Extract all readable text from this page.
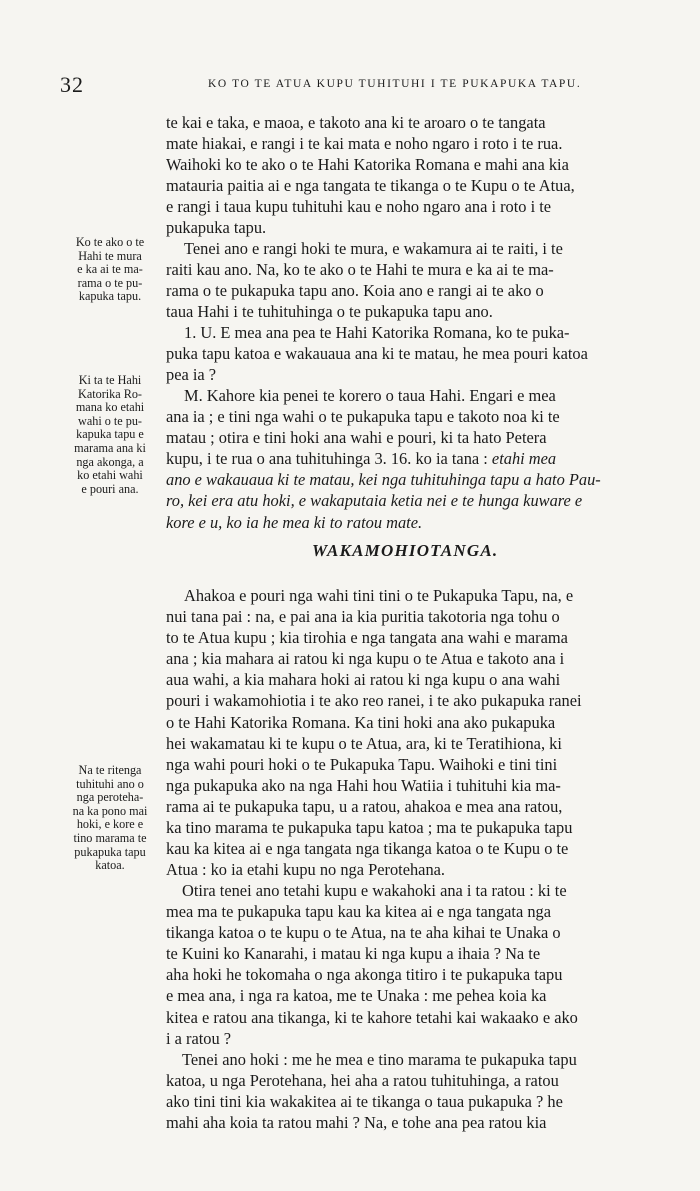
32	KO TO TE ATUA KUPU TUHITUHI I TE PUKAPUKA TAPU.
te kai e taka, e maoa, e takoto ana ki te aroaro o te tangata
mate hiakai, e rangi i te kai mata e noho ngaro i roto i te rua.
Waihoki ko te ako o te Hahi Katorika Romana e mahi ana kia
matauria paitia ai e nga tangata te tikanga o te Kupu o te Atua,
e rangi i taua kupu tuhituhi kau e noho ngaro ana i roto i te
pukapuka tapu.
Tenei ano e rangi hoki te mura, e wakamura ai te raiti, i te
raiti kau ano. Na, ko te ako o te Hahi te mura e ka ai te ma-
rama o te pukapuka tapu ano. Koia ano e rangi ai te ako o
taua Hahi i te tuhituhinga o te pukapuka tapu ano.
1. U. E mea ana pea te Hahi Katorika Romana, ko te puka-
puka tapu katoa e wakauaua ana ki te matau, he mea pouri katoa
pea ia ?
M. Kahore kia penei te korero o taua Hahi. Engari e mea
ana ia ; e tini nga wahi o te pukapuka tapu e takoto noa ki te
matau ; otira e tini hoki ana wahi e pouri, ki ta hato Petera
kupu, i te rua o ana tuhituhinga 3. 16. ko ia tana : etahi mea
ano e wakauaua ki te matau, kei nga tuhituhinga tapu a hato Pau-
ro, kei era atu hoki, e wakaputaia ketia nei e te hunga kuware e
kore e u, ko ia he mea ki to ratou mate.
WAKAMOHIOTANGA.
Ahakoa e pouri nga wahi tini tini o te Pukapuka Tapu, na, e
nui tana pai : na, e pai ana ia kia puritia takotoria nga tohu o
to te Atua kupu ; kia tirohia e nga tangata ana wahi e marama
ana ; kia mahara ai ratou ki nga kupu o te Atua e takoto ana i
aua wahi, a kia mahara hoki ai ratou ki nga kupu o ana wahi
pouri i wakamohiotia i te ako reo ranei, i te ako pukapuka ranei
o te Hahi Katorika Romana. Ka tini hoki ana ako pukapuka
hei wakamatau ki te kupu o te Atua, ara, ki te Teratihiona, ki
nga wahi pouri hoki o te Pukapuka Tapu. Waihoki e tini tini
nga pukapuka ako na nga Hahi hou Watiia i tuhituhi kia ma-
rama ai te pukapuka tapu, u a ratou, ahakoa e mea ana ratou,
ka tino marama te pukapuka tapu katoa ; ma te pukapuka tapu
kau ka kitea ai e nga tangata nga tikanga katoa o te Kupu o te
Atua : ko ia etahi kupu no nga Perotehana.
Otira tenei ano tetahi kupu e wakahoki ana i ta ratou : ki te
mea ma te pukapuka tapu kau ka kitea ai e nga tangata nga
tikanga katoa o te kupu o te Atua, na te aha kihai te Unaka o
te Kuini ko Kanarahi, i matau ki nga kupu a ihaia ? Na te
aha hoki he tokomaha o nga akonga titiro i te pukapuka tapu
e mea ana, i nga ra katoa, me te Unaka : me pehea koia ka
kitea e ratou ana tikanga, ki te kahore tetahi kai wakaako e ako
i a ratou ?
Tenei ano hoki : me he mea e tino marama te pukapuka tapu
katoa, u nga Perotehana, hei aha a ratou tuhituhinga, a ratou
ako tini tini kia wakakitea ai te tikanga o taua pukapuka ? he
mahi aha koia ta ratou mahi ? Na, e tohe ana pea ratou kia
Ko te ako o te
Hahi te mura
e ka ai te ma-
rama o te pu-
kapuka tapu.
Ki ta te Hahi
Katorika Ro-
mana ko etahi
wahi o te pu-
kapuka tapu e
marama ana ki
nga akonga, a
ko etahi wahi
e pouri ana.
Na te ritenga
tuhituhi ano o
nga perotehа-
na ka pono mai
hoki, e kore e
tino marama te
pukapuka tapu
katoa.
